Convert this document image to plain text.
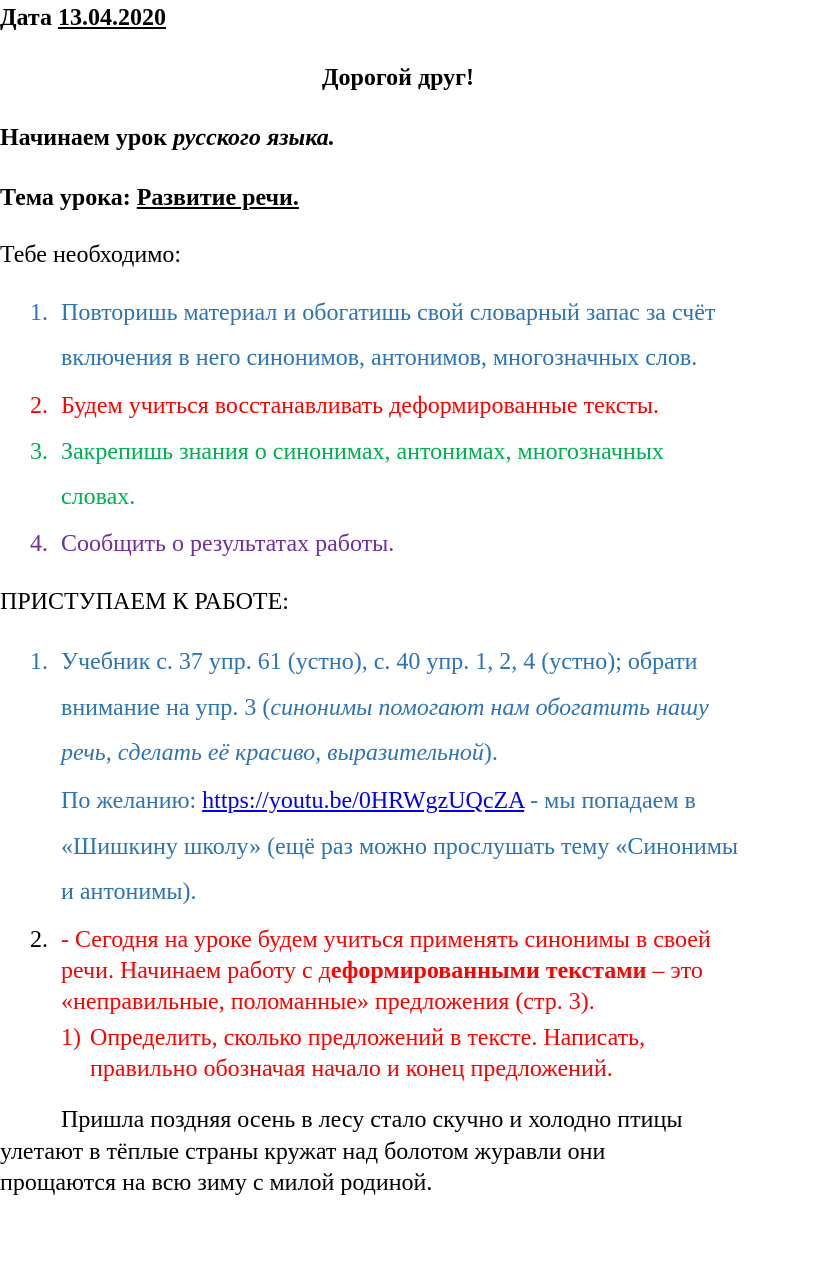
Дата 13.04.2020
Дорогой друг!
Начинаем урок русского языка.
Тема урока: Развитие речи.
Тебе необходимо:
1. Повторишь материал и обогатишь свой словарный запас за счёт
включения в него синонимов, антонимов, многозначных слов.
2. Будем учиться восстанавливать деформированные тексты.
3. Закрепишь знания о синонимах, антонимах, многозначных
словах.
4. Сообщить о результатах работы.
ПРИСТУПАЕМ К РАБОТЕ:
1. Учебник с. 37 упр. 61 (устно), с. 40 упр. 1, 2, 4 (устно); обрати
внимание на упр. 3 (синонимы помогают нам обогатить нашу
речь, сделать её красиво, выразительной).
По желанию: https://youtu.be/0HRWgzUQcZA - мы попадаем в
«Шишкину школу» (ещё раз можно прослушать тему «Синонимы
и антонимы).
2. - Сегодня на уроке будем учиться применять синонимы в своей
речи. Начинаем работу с деформированными текстами – это
«неправильные, поломанные» предложения (стр. 3).
1) Определить, сколько предложений в тексте. Написать,
правильно обозначая начало и конец предложений.
Пришла поздняя осень в лесу стало скучно и холодно птицы
улетают в тёплые страны кружат над болотом журавли они
прощаются на всю зиму с милой родиной.
